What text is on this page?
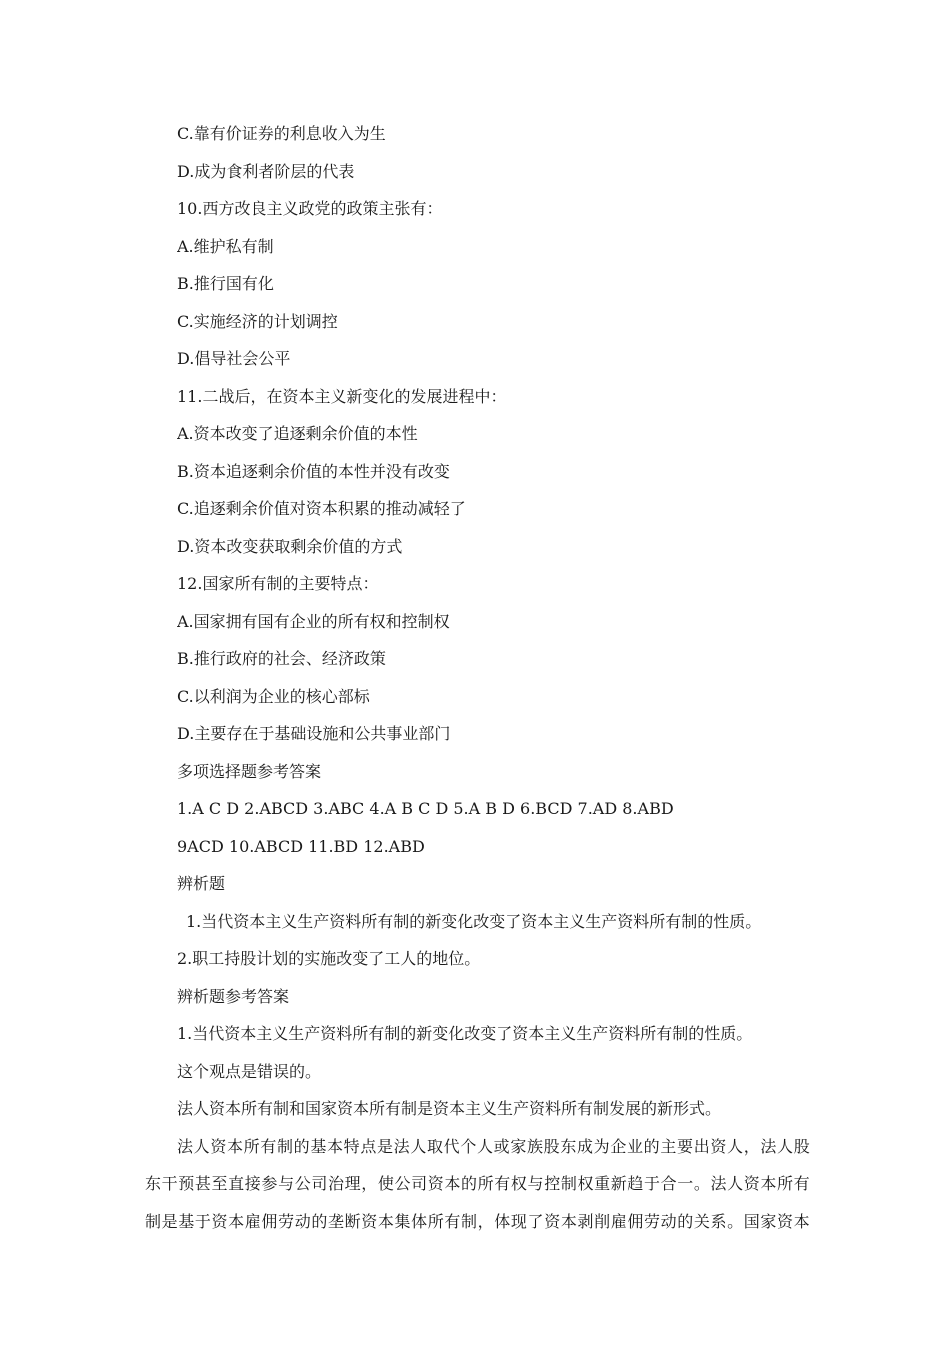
C.靠有价证券的利息收入为生
D.成为食利者阶层的代表
10.西方改良主义政党的政策主张有：
A.维护私有制
B.推行国有化
C.实施经济的计划调控
D.倡导社会公平
11.二战后，在资本主义新变化的发展进程中：
A.资本改变了追逐剩余价值的本性
B.资本追逐剩余价值的本性并没有改变
C.追逐剩余价值对资本积累的推动减轻了
D.资本改变获取剩余价值的方式
12.国家所有制的主要特点：
A.国家拥有国有企业的所有权和控制权
B.推行政府的社会、经济政策
C.以利润为企业的核心部标
D.主要存在于基础设施和公共事业部门
多项选择题参考答案
1.A C D 2.ABCD 3.ABC 4.A B C D 5.A B D 6.BCD 7.AD 8.ABD
9ACD 10.ABCD 11.BD 12.ABD
辨析题
1.当代资本主义生产资料所有制的新变化改变了资本主义生产资料所有制的性质。
2.职工持股计划的实施改变了工人的地位。
辨析题参考答案
1.当代资本主义生产资料所有制的新变化改变了资本主义生产资料所有制的性质。
这个观点是错误的。
法人资本所有制和国家资本所有制是资本主义生产资料所有制发展的新形式。
法人资本所有制的基本特点是法人取代个人或家族股东成为企业的主要出资人，法人股
东干预甚至直接参与公司治理，使公司资本的所有权与控制权重新趋于合一。法人资本所有
制是基于资本雇佣劳动的垄断资本集体所有制，体现了资本剥削雇佣劳动的关系。国家资本
